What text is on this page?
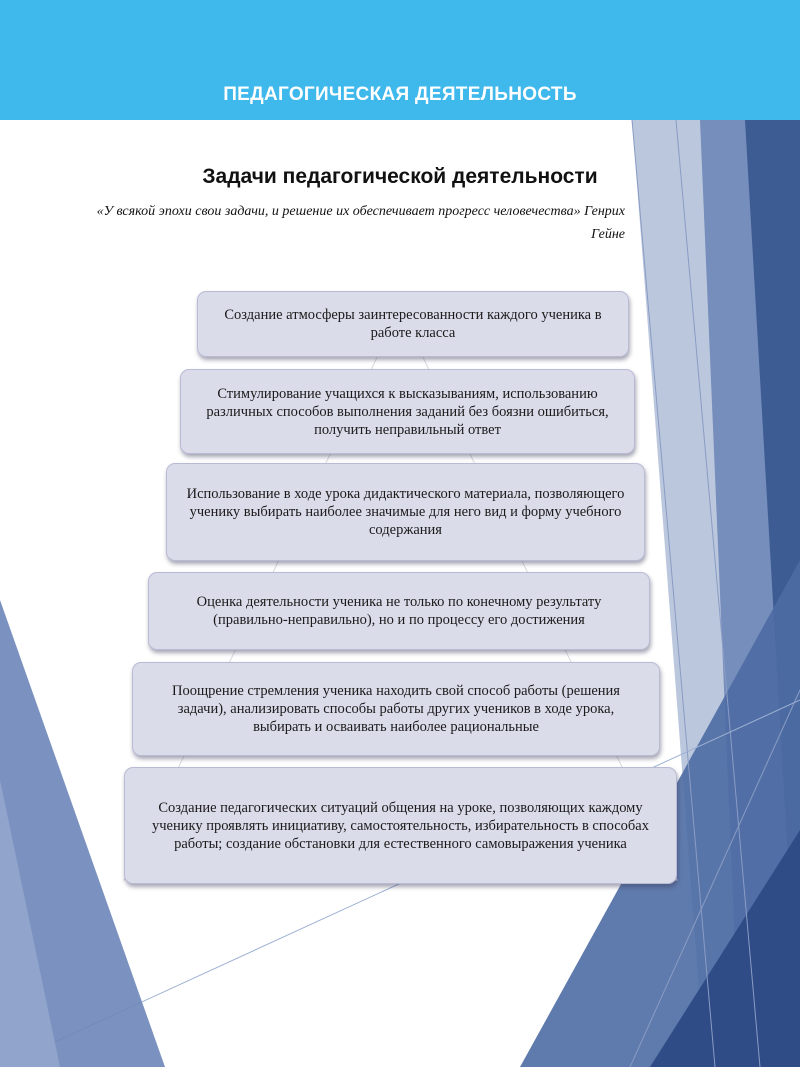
ПЕДАГОГИЧЕСКАЯ ДЕЯТЕЛЬНОСТЬ
Задачи педагогической деятельности
«У всякой эпохи свои задачи, и решение их обеспечивает прогресс человечества» Генрих Гейне
Создание атмосферы заинтересованности каждого ученика в работе класса
Стимулирование учащихся к высказываниям, использованию различных способов выполнения заданий без боязни ошибиться, получить неправильный ответ
Использование в ходе урока дидактического материала, позволяющего ученику выбирать наиболее значимые для него вид и форму учебного содержания
Оценка деятельности ученика не только по конечному результату (правильно-неправильно), но и по процессу его достижения
Поощрение стремления ученика находить свой способ работы (решения задачи), анализировать способы работы других учеников в ходе урока, выбирать и осваивать наиболее рациональные
Создание педагогических ситуаций общения на уроке, позволяющих каждому ученику проявлять инициативу, самостоятельность, избирательность в способах работы; создание обстановки для естественного самовыражения ученика
